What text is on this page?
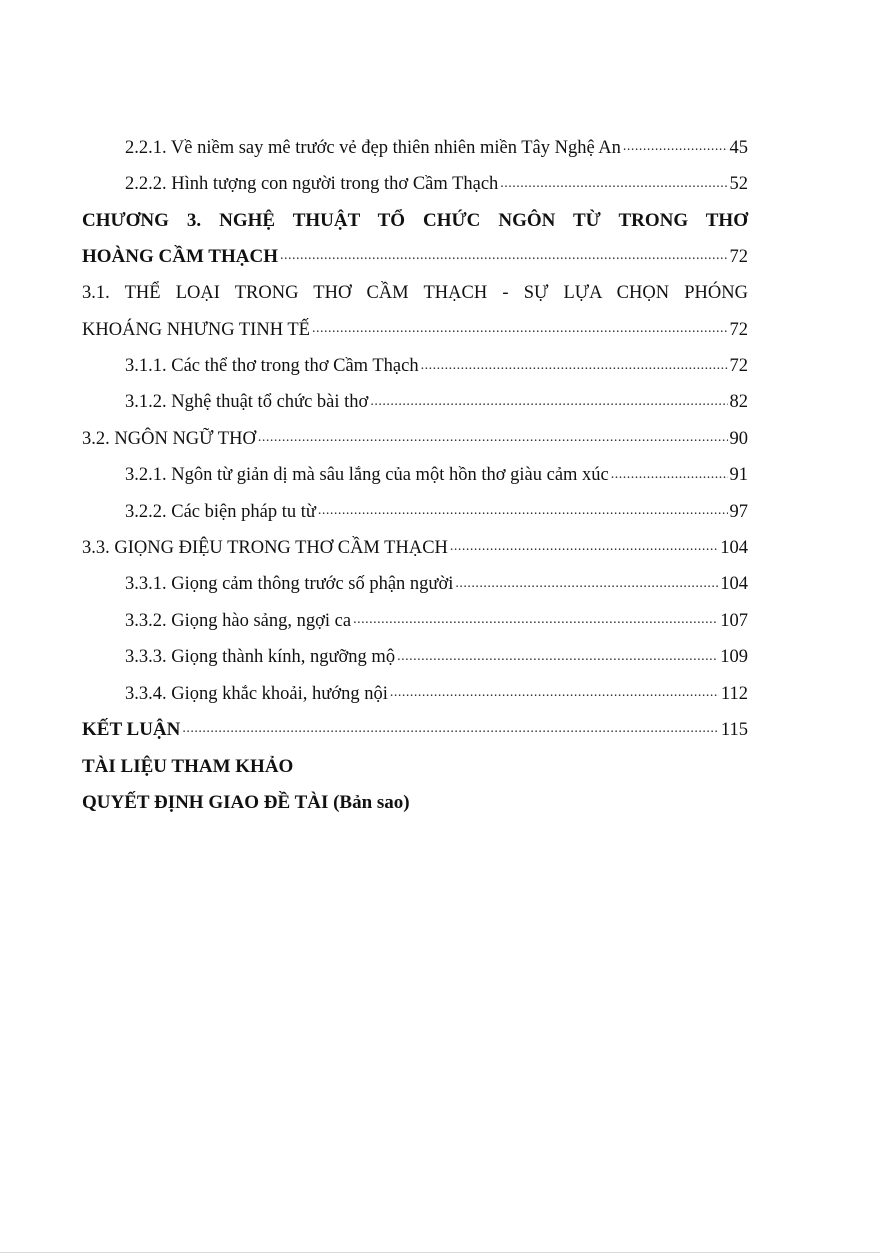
2.2.1. Về niềm say mê trước vẻ đẹp thiên nhiên miền Tây Nghệ An .....	45
2.2.2. Hình tượng con người trong thơ Cầm Thạch .....	52
CHƯƠNG 3. NGHỆ THUẬT TỔ CHỨC NGÔN TỪ TRONG THƠ
HOÀNG CẦM THẠCH .....	72
3.1. THỂ LOẠI TRONG THƠ CẦM THẠCH - SỰ LỰA CHỌN PHÓNG
KHOÁNG NHƯNG TINH TẾ .....	72
3.1.1. Các thể thơ trong thơ Cầm Thạch .....	72
3.1.2. Nghệ thuật tổ chức bài thơ .....	82
3.2. NGÔN NGỮ THƠ .....	90
3.2.1. Ngôn từ giản dị mà sâu lắng của một hồn thơ giàu cảm xúc .....	91
3.2.2. Các biện pháp tu từ .....	97
3.3. GIỌNG ĐIỆU TRONG THƠ CẦM THẠCH .....	104
3.3.1. Giọng cảm thông trước số phận người .....	104
3.3.2. Giọng hào sảng, ngợi ca .....	107
3.3.3. Giọng thành kính, ngưỡng mộ .....	109
3.3.4. Giọng khắc khoải, hướng nội .....	112
KẾT LUẬN .....	115
TÀI LIỆU THAM KHẢO
QUYẾT ĐỊNH GIAO ĐỀ TÀI (Bản sao)
